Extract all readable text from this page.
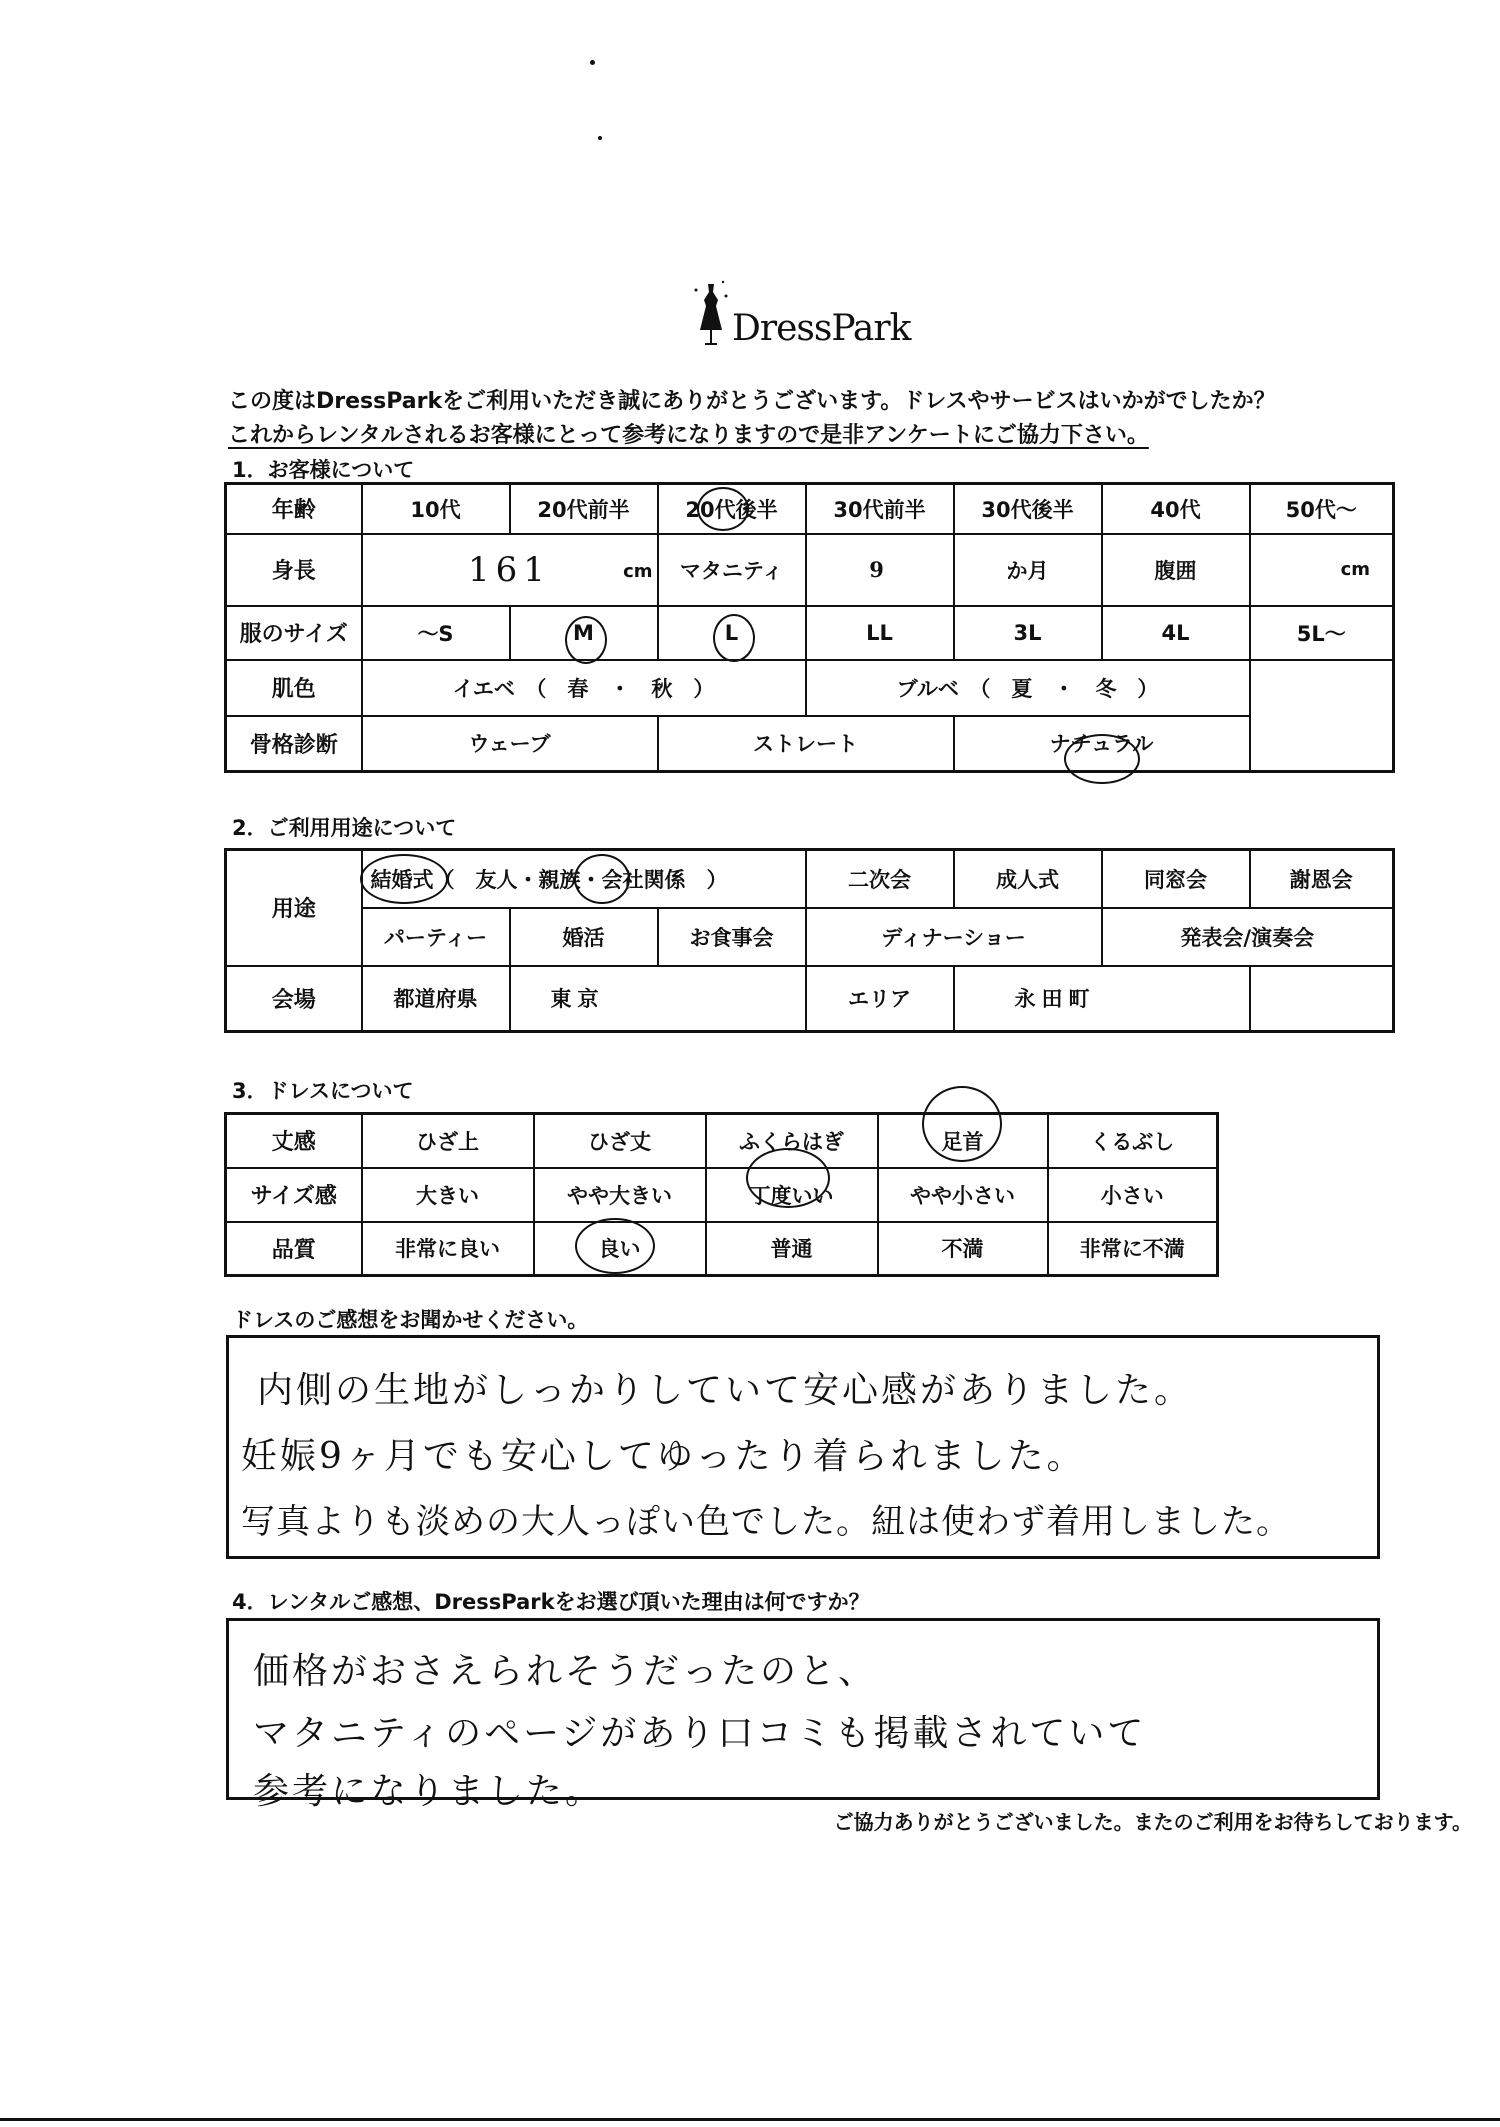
DressPark
この度はDressParkをご利用いただき誠にありがとうございます。ドレスやサービスはいかがでしたか？
これからレンタルされるお客様にとって参考になりますので是非アンケートにご協力下さい。
1．お客様について
年齢	10代	20代前半	20代後半	30代前半	30代後半	40代	50代～
身長	161 cm		マタニティ	9	か月	腹囲	cm
服のサイズ	～S	M	L	LL	3L	4L	5L～
肌色	イエベ　（　春　・　秋　）			ブルベ　（　夏　・　冬　）			
骨格診断	ウェーブ		ストレート		ナチュラル		
2．ご利用用途について
用途	結婚式（　友人・親族・会社関係　）			二次会	成人式	同窓会	謝恩会
	パーティー	婚活	お食事会	ディナーショー		発表会/演奏会	
会場	都道府県	東京		エリア	永田町		
3．ドレスについて
丈感	ひざ上	ひざ丈	ふくらはぎ	足首	くるぶし
サイズ感	大きい	やや大きい	丁度いい	やや小さい	小さい
品質	非常に良い	良い	普通	不満	非常に不満
ドレスのご感想をお聞かせください。
内側の生地がしっかりしていて安心感がありました。
妊娠9ヶ月でも安心してゆったり着られました。
写真よりも淡めの大人っぽい色でした。紐は使わず着用しました。
4．レンタルご感想、DressParkをお選び頂いた理由は何ですか？
価格がおさえられそうだったのと、
マタニティのページがあり口コミも掲載されていて
参考になりました。
ご協力ありがとうございました。またのご利用をお待ちしております。
